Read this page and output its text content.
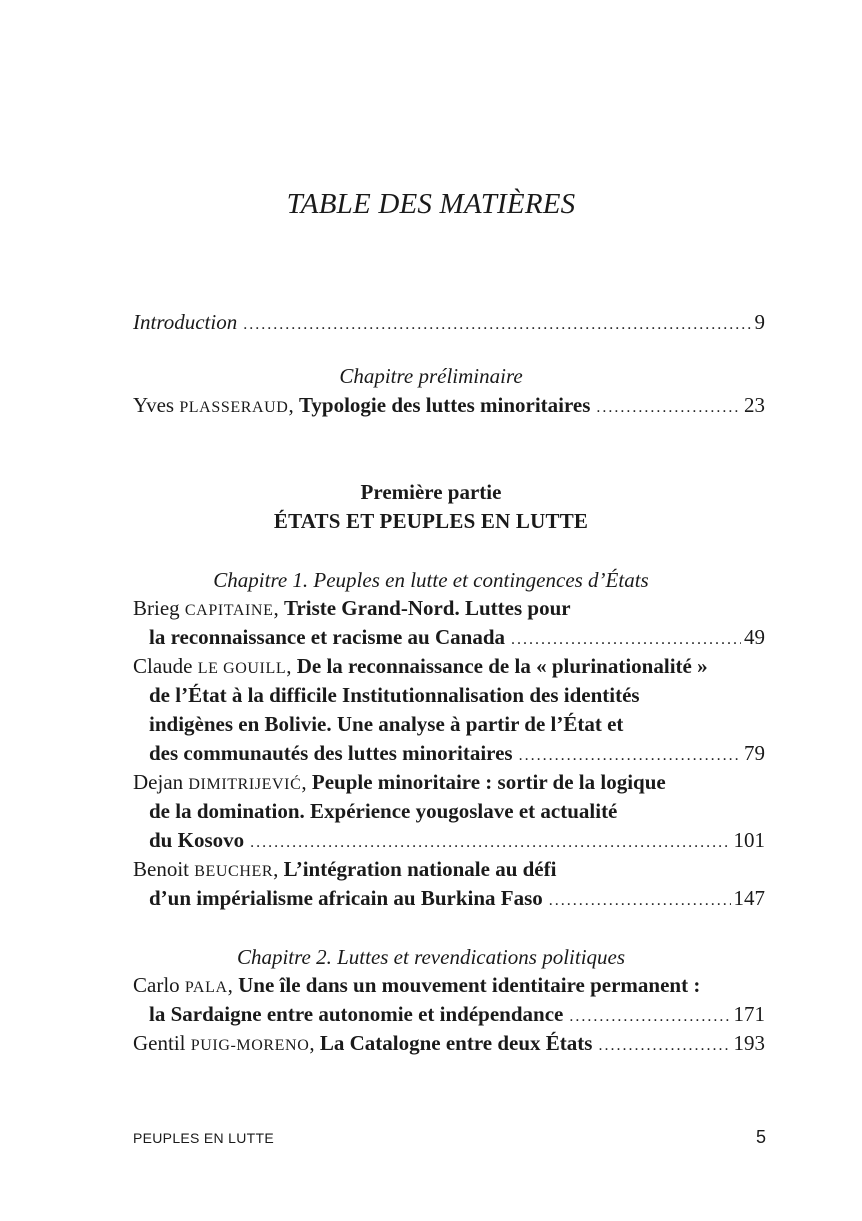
TABLE DES MATIÈRES
Introduction .....	9
Chapitre préliminaire
Yves
PLASSERAUD ,
Typologie des luttes minoritaires .....	23
Première partie
ÉTATS ET PEUPLES EN LUTTE
Chapitre 1. Peuples en lutte et contingences d’États
Brieg
CAPITAINE ,
Triste Grand-Nord. Luttes pour
la reconnaissance et racisme au Canada .....	49
Claude
LE GOUILL ,
De la reconnaissance de la « plurinationalité »
de l’État à la difficile Institutionnalisation des identités
indigènes en Bolivie. Une analyse à partir de l’État et
des communautés des luttes minoritaires .....	79
Dejan
DIMITRIJEVIĆ ,
Peuple minoritaire : sortir de la logique
de la domination. Expérience yougoslave et actualité
du Kosovo .....	101
Benoit
BEUCHER ,
L’intégration nationale au défi
d’un impérialisme africain au Burkina Faso .....	147
Chapitre 2. Luttes et revendications politiques
Carlo
PALA ,
Une île dans un mouvement identitaire permanent :
la Sardaigne entre autonomie et indépendance .....	171
Gentil
PUIG-MORENO ,
La Catalogne entre deux États .....	193
PEUPLES EN LUTTE	5
